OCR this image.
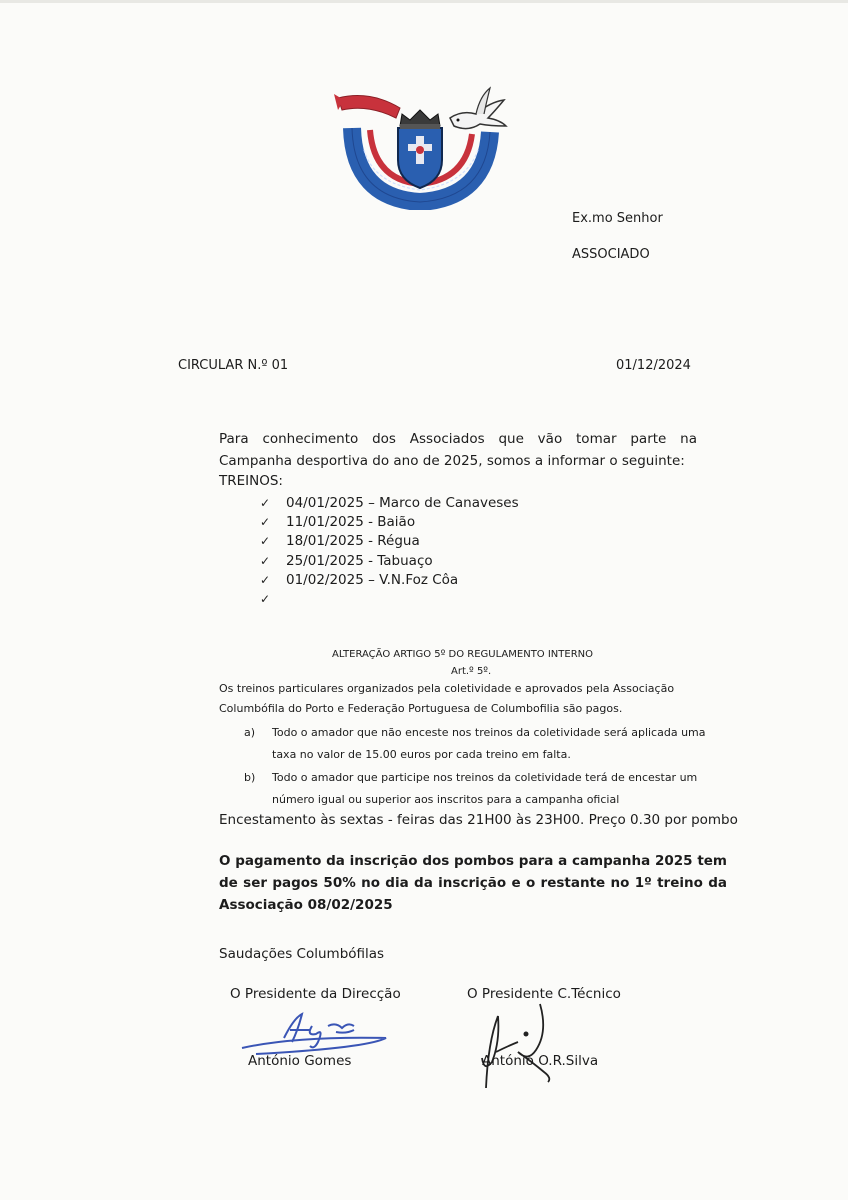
Ex.mo Senhor
ASSOCIADO
CIRCULAR N.º 01	01/12/2024
Para conhecimento dos Associados que vão tomar parte na Campanha desportiva do ano de 2025, somos a informar o seguinte:
TREINOS:
✓ 04/01/2025 – Marco de Canaveses
✓ 11/01/2025 - Baião
✓ 18/01/2025 - Régua
✓ 25/01/2025 - Tabuaço
✓ 01/02/2025 – V.N.Foz Côa
✓
ALTERAÇÃO ARTIGO 5º DO REGULAMENTO INTERNO
Art.º 5º.
Os treinos particulares organizados pela coletividade e aprovados pela Associação Columbófila do Porto e Federação Portuguesa de Columbofilia são pagos.
a)	Todo o amador que não enceste nos treinos da coletividade será aplicada uma taxa no valor de 15.00 euros por cada treino em falta.
b)	Todo o amador que participe nos treinos da coletividade terá de encestar um número igual ou superior aos inscritos para a campanha oficial
Encestamento às sextas - feiras das 21H00 às 23H00. Preço 0.30 por pombo
O pagamento da inscrição dos pombos para a campanha 2025 tem de ser pagos 50% no dia da inscrição e o restante no 1º treino da Associação 08/02/2025
Saudações Columbófilas
O Presidente da Direcção	O Presidente C.Técnico
António Gomes	António O.R.Silva
